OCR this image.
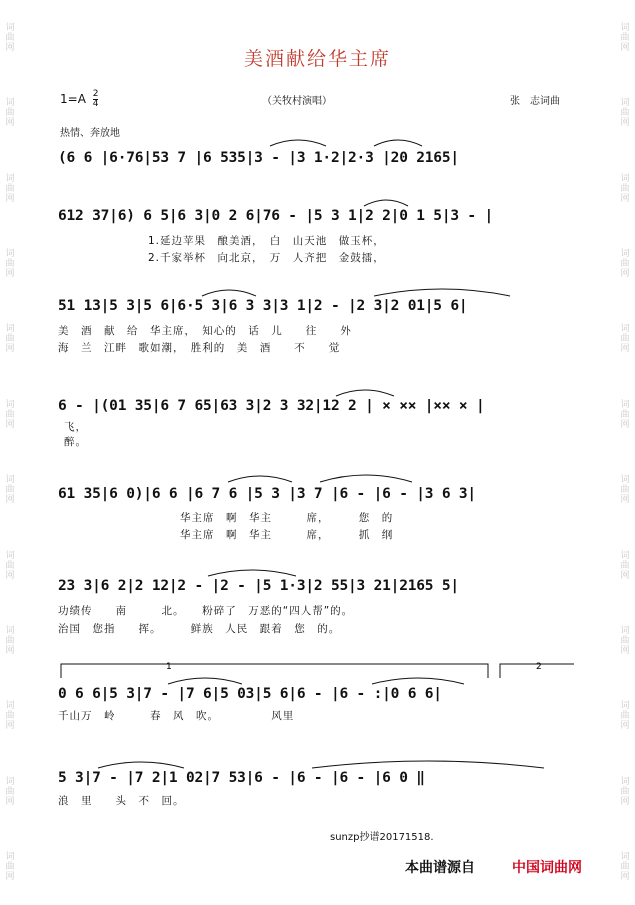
词曲网
词曲网
词曲网
词曲网
词曲网
词曲网
词曲网
词曲网
词曲网
词曲网
词曲网
词曲网
词曲网
词曲网
词曲网
词曲网
词曲网
词曲网
词曲网
词曲网
词曲网
词曲网
词曲网
词曲网
美酒献给华主席
$1=A \frac{2}{4}$	（关牧村演唱）	张　志词曲
热情、奔放地
(6 6 |6·76|53 7 |6 535|3 - |3 1·2|2·3 |20 2165|
612 37|6) 6 5|6 3|0 2 6|76 - |5 3 1|2 2|0 1 5|3 - |
1.延边苹果　酿美酒，　白　山天池　做玉杯，
2.千家举杯　向北京，　万　人齐把　金鼓擂，
51 13|5 3|5 6|6·5 3|6 3 3|3 1|2 - |2 3|2 01|5 6|
美　酒　献　给　华主席，　知心的　话　儿　　往　　外
海　兰　江畔　歌如潮，　胜利的　美　酒　　不　　觉
6 - |(01 35|6 7 65|63 3|2 3 32|12 2 | × ×× |×× × |
飞，
醉。
61 35|6 0)|6 6 |6 7 6 |5 3 |3 7 |6 - |6 - |3 6 3|
华主席　啊　华主　　　席，　　　您　的
华主席　啊　华主　　　席，　　　抓　纲
23 3|6 2|2 12|2 - |2 - |5 1·3|2 55|3 21|2165 5|
功绩传　　南　　　北。　　粉碎了　万恶的“四人帮”的。
治国　您指　　挥。　　　鲜族　人民　跟着　您　的。
1	2
0 6 6|5 3|7 - |7 6|5 03|5 6|6 - |6 - :|0 6 6|
千山万　岭　　　春　风　吹。　　　　　风里
5 3|7 - |7 2|1 02|7 53|6 - |6 - |6 - |6 0 ‖
浪　里　　头　不　回。
sunzp抄谱20171518.
本曲谱源自	中国词曲网
